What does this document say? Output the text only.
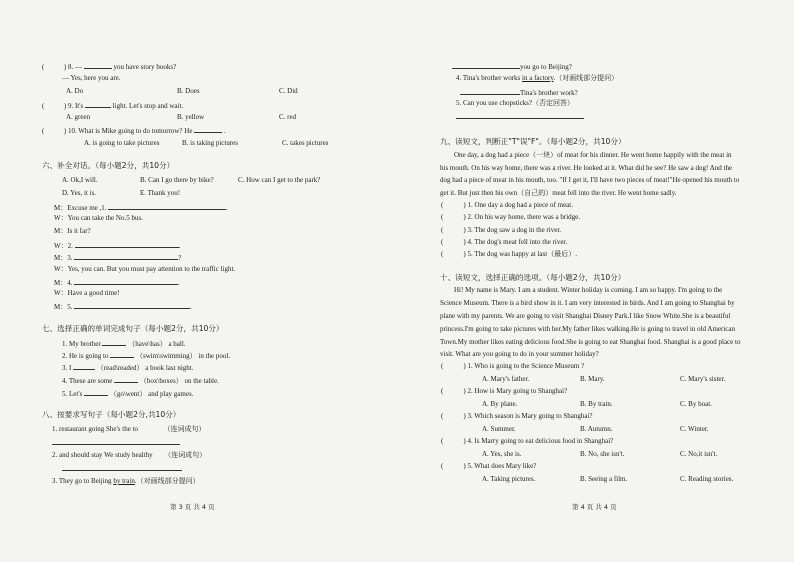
(	) 8. —	you have story books?
— Yes, here you are.
A. Do	B. Does	C. Did
(	) 9. It's	light. Let's stop and wait.
A. green	B. yellow	C. red
(	) 10. What is Mike going to do tomorrow? He	.
A. is going to take pictures	B. is taking pictures	C. takes pictures
六、补全对话。（每小题2分，共10分）
A. Ok,I will.	B. Can I go there by bike?	C. How can I get to the park?
D. Yes, it is.	E. Thank you!
M：Excuse me ,1.	.
W：You can take the No.5 bus.
M：Is it far?
W：2.	.
M：3.	?
W：Yes, you can. But you must pay attention to the traffic light.
M：4.	.
W：Have a good time!
M：5.	.
七、选择正确的单词完成句子（每小题2分，共10分）
1. My brother	（have\has） a ball.
2. He is going to	（swim\swimming） in the pool.
3. I	（read\readed） a book last night.
4. These are some	（box\boxes） on the table.
5. Let's	（go\went） and play games.
八、按要求写句子（每小题2分,共10分）
1. restaurant going She's the to	（连词成句）
2. and should stay We study healthy （连词成句）
3. They go to Beijing by train.（对画线部分提问）
第 3 页 共 4 页
you go to Beijing?
4. Tina's brother works in a factory.（对画线部分提问）
Tina's brother work?
5. Can you use chopsticks?（否定回答）
九、读短文，判断正"T"误"F"。（每小题2分，共10分）
One day, a dog had a piece（一块）of meat for his dinner. He went home happily with the meat in
his mouth. On his way home, there was a river. He looked at it. What did he see? He saw a dog! And the
dog had a piece of meat in his mouth, too. "If I get it, I'll have two pieces of meat!"He opened his mouth to
get it. But just then his own（自己的）meat fell into the river. He went home sadly.
(	) 1. One day a dog had a piece of meat.
(	) 2. On his way home, there was a bridge.
(	) 3. The dog saw a dog in the river.
(	) 4. The dog's meat fell into the river.
(	) 5. The dog was happy at last（最后）.
十、读短文，选择正确的选项。（每小题2分，共10分）
Hi! My name is Mary. I am a student. Winter holiday is coming. I am so happy. I'm going to the
Science Museum. There is a bird show in it. I am very interested in birds. And I am going to Shanghai by
plane with my parents. We are going to visit Shanghai Disney Park.I like Snow White.She is a beautiful
princess.I'm going to take pictures with her.My father likes walking.He is going to travel in old American
Town.My mother likes eating delicious food.She is going to eat Shanghai food. Shanghai is a good place to
visit. What are you going to do in your summer holiday?
(	) 1. Who is going to the Science Museum ?
A. Mary's father.	B. Mary.	C. Mary's sister.
(	) 2. How is Mary going to Shanghai?
A. By plane.	B. By train.	C. By boat.
(	) 3. Which season is Mary going to Shanghai?
A. Summer.	B. Autumn.	C. Winter.
(	) 4. Is Marry going to eat delicious food in Shanghai?
A. Yes, she is.	B. No, she isn't.	C. No,it isn't.
(	) 5. What does Mary like?
A. Taking pictures.	B. Seeing a film.	C. Reading stories.
第 4 页 共 4 页
